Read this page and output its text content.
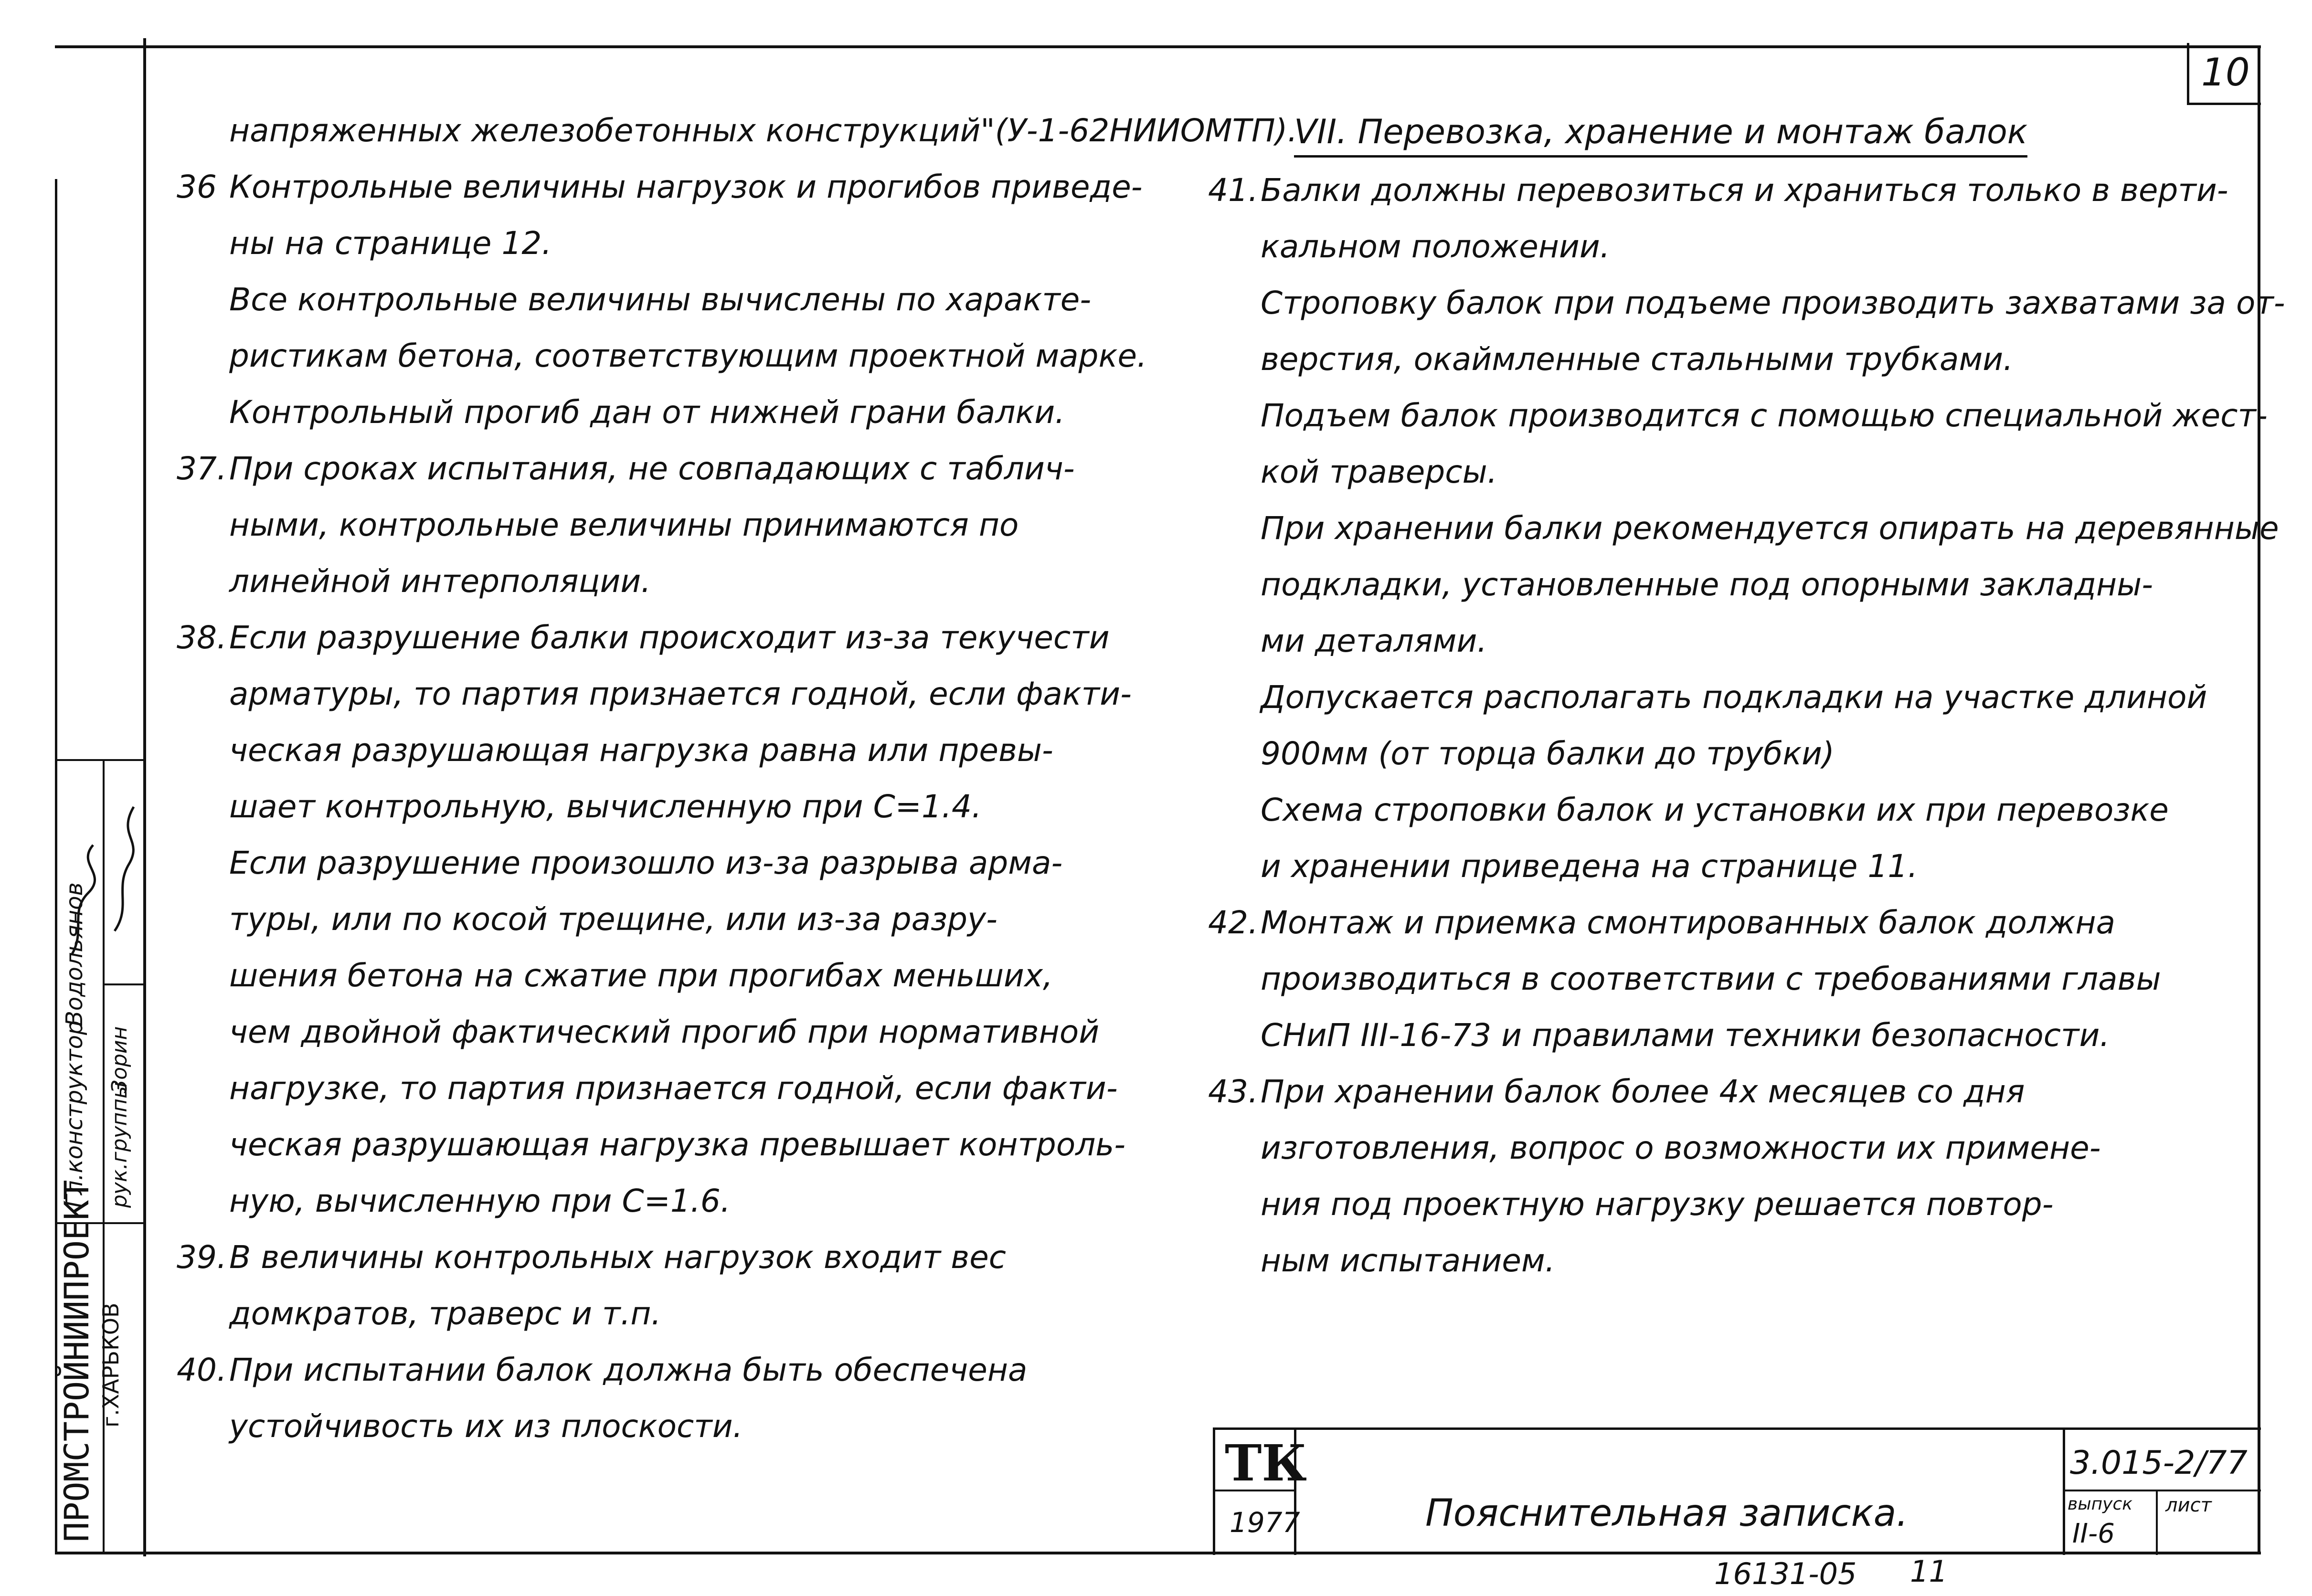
10
ПРОМСТРОЙНИИПРОЕКТ г.ХАРЬКОВ
Гл.конструктор
Водольянов
рук.группы
Зорин
напряженных железобетонных конструкций"(У-1-62НИИОМТП).
36 Контрольные величины нагрузок и прогибов приведе-
ны на странице 12.
Все контрольные величины вычислены по характе-
ристикам бетона, соответствующим проектной марке.
Контрольный прогиб дан от нижней грани балки.
37. При сроках испытания, не совпадающих с таблич-
ными, контрольные величины принимаются по
линейной интерполяции.
38. Если разрушение балки происходит из-за текучести
арматуры, то партия признается годной, если факти-
ческая разрушающая нагрузка равна или превы-
шает контрольную, вычисленную при C=1.4.
Если разрушение произошло из-за разрыва арма-
туры, или по косой трещине, или из-за разру-
шения бетона на сжатие при прогибах меньших,
чем двойной фактический прогиб при нормативной
нагрузке, то партия признается годной, если факти-
ческая разрушающая нагрузка превышает контроль-
ную, вычисленную при C=1.6.
39. В величины контрольных нагрузок входит вес
домкратов, траверс и т.п.
40. При испытании балок должна быть обеспечена
устойчивость их из плоскости.
VII. Перевозка, хранение и монтаж балок
41. Балки должны перевозиться и храниться только в верти-
кальном положении.
Строповку балок при подъеме производить захватами за от-
верстия, окаймленные стальными трубками.
Подъем балок производится с помощью специальной жест-
кой траверсы.
При хранении балки рекомендуется опирать на деревянные
подкладки, установленные под опорными закладны-
ми деталями.
Допускается располагать подкладки на участке длиной
900мм (от торца балки до трубки)
Схема строповки балок и установки их при перевозке
и хранении приведена на странице 11.
42. Монтаж и приемка смонтированных балок должна
производиться в соответствии с требованиями главы
СНиП III-16-73 и правилами техники безопасности.
43. При хранении балок более 4х месяцев со дня
изготовления, вопрос о возможности их примене-
ния под проектную нагрузку решается повтор-
ным испытанием.
ТК
1977	Пояснительная записка.
3.015-2/77
выпуск
II-6
лист
16131-05 11
